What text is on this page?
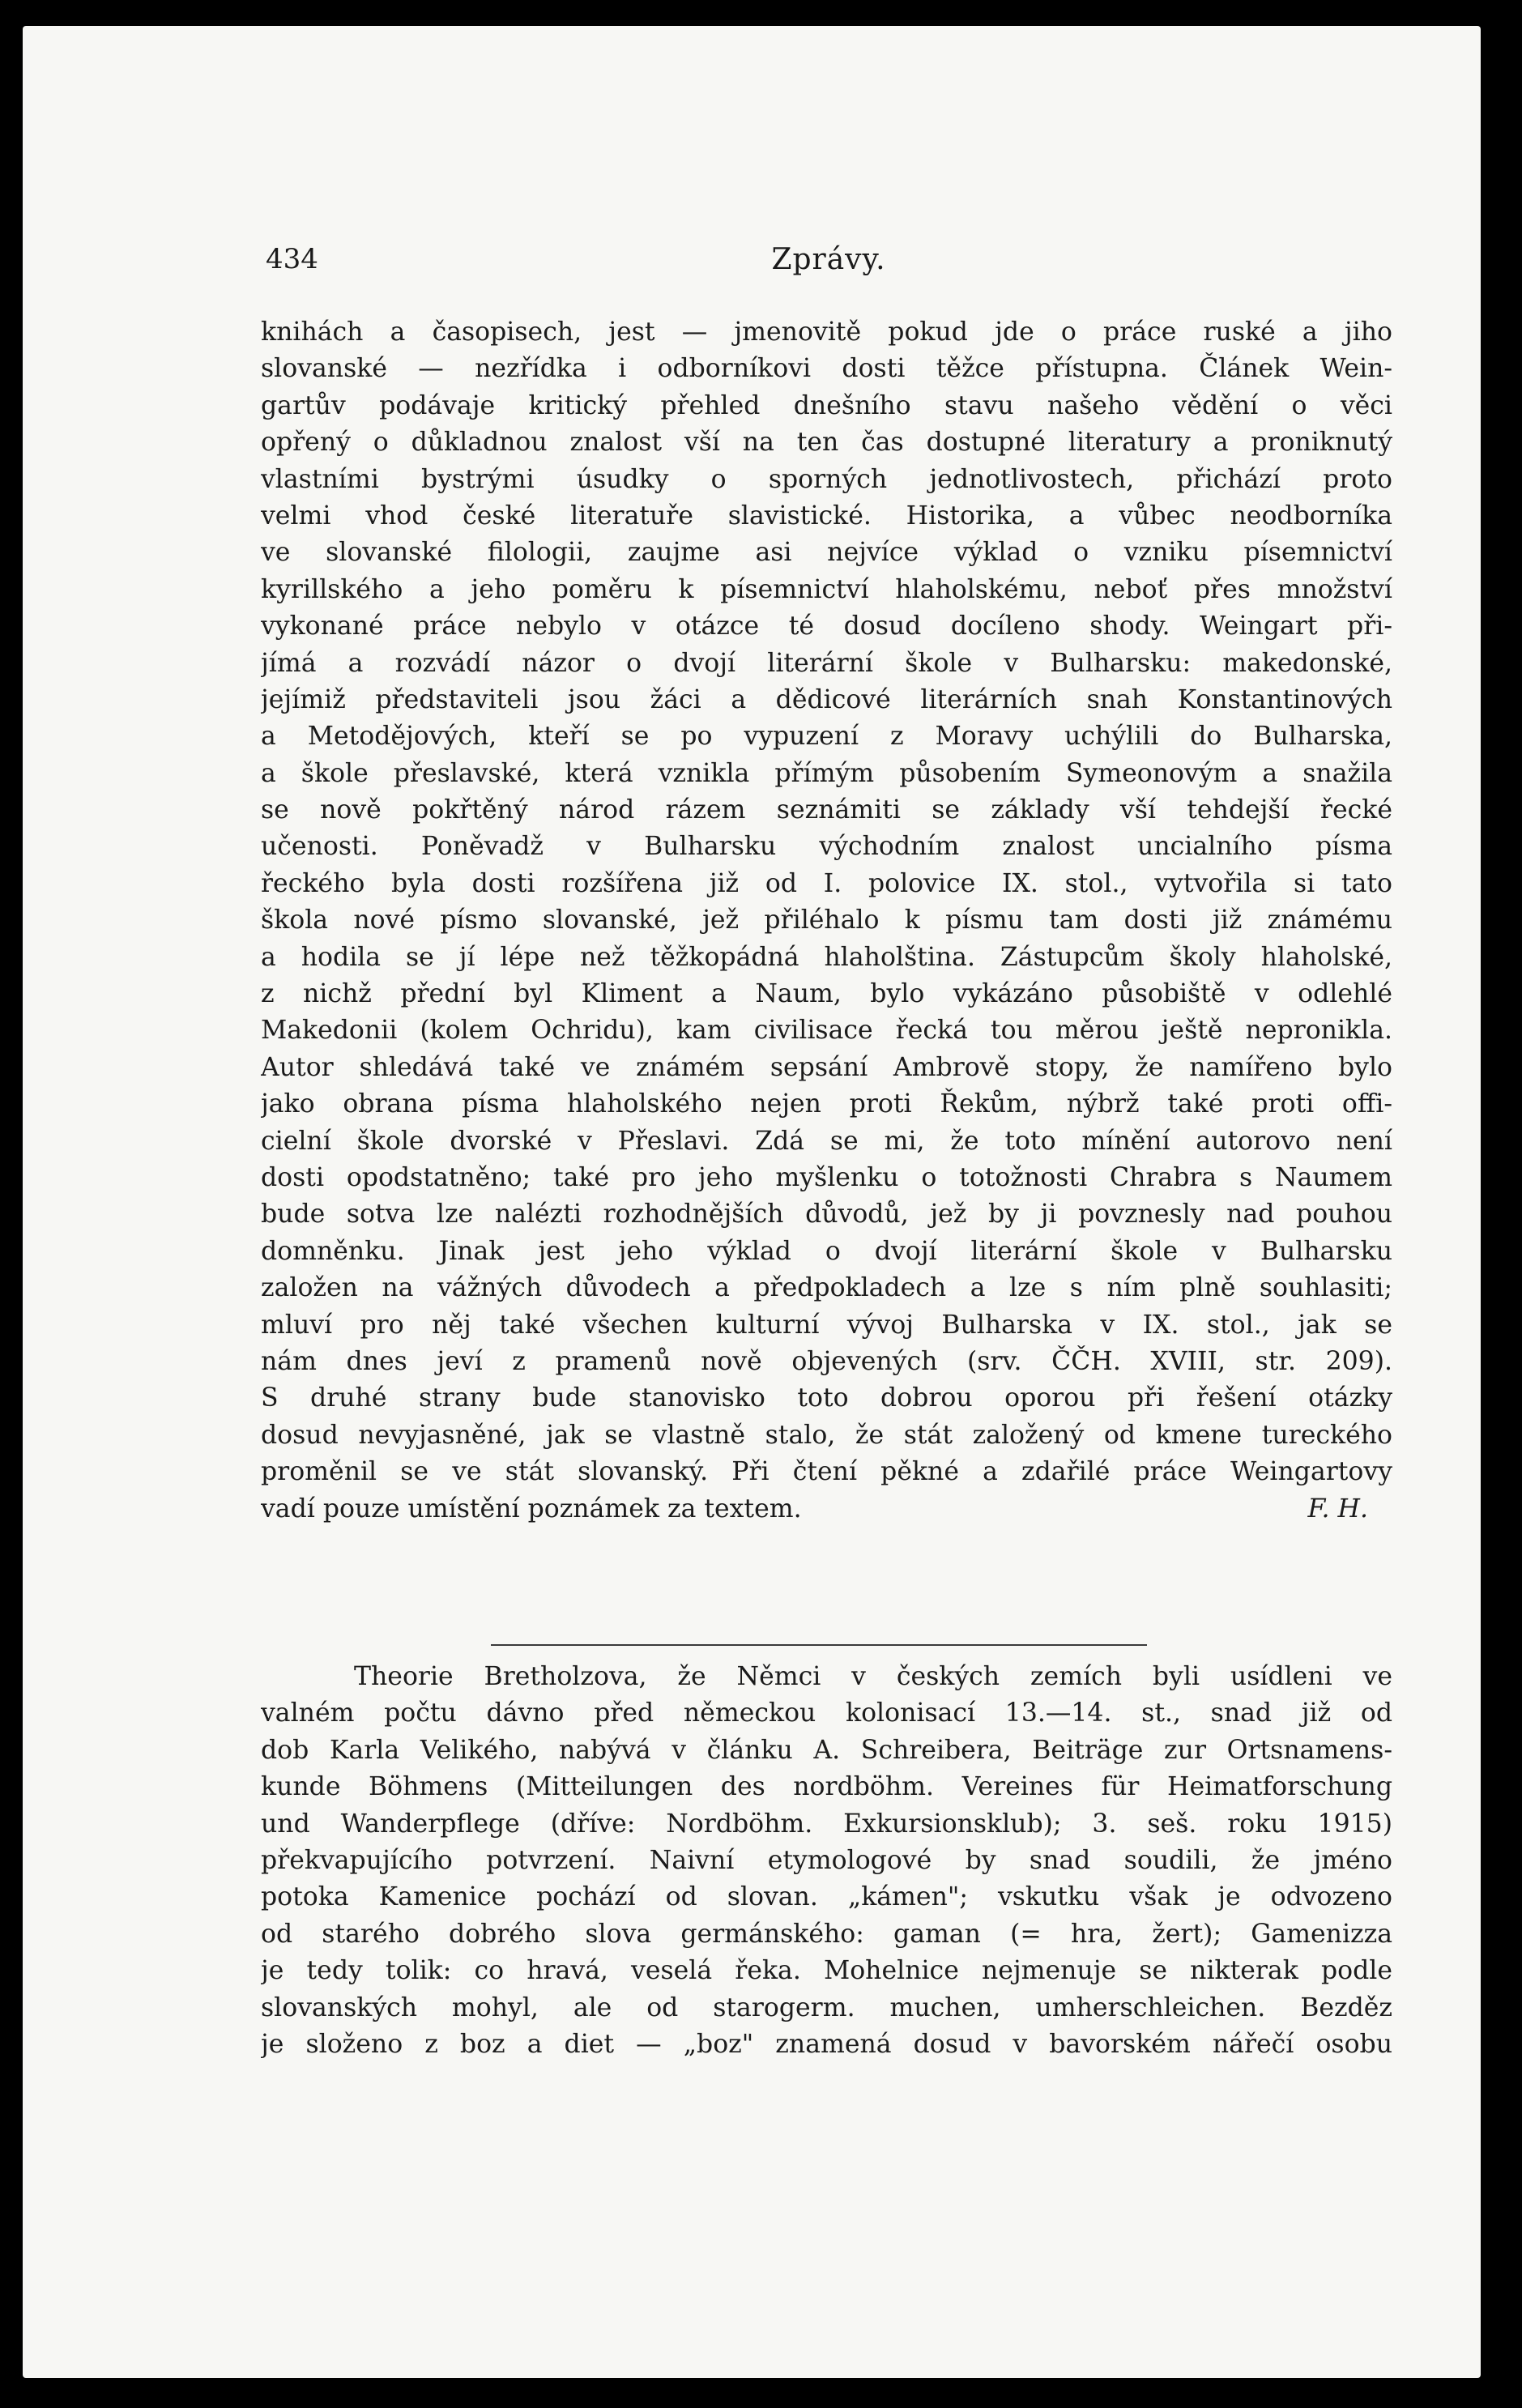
434	Zprávy.
knihách a časopisech, jest — jmenovitě pokud jde o práce ruské a jiho
slovanské — nezřídka i odborníkovi dosti těžce přístupna. Článek Wein-
gartův podávaje kritický přehled dnešního stavu našeho vědění o věci
opřený o důkladnou znalost vší na ten čas dostupné literatury a proniknutý
vlastními bystrými úsudky o sporných jednotlivostech, přichází proto
velmi vhod české literatuře slavistické. Historika, a vůbec neodborníka
ve slovanské filologii, zaujme asi nejvíce výklad o vzniku písemnictví
kyrillského a jeho poměru k písemnictví hlaholskému, neboť přes množství
vykonané práce nebylo v otázce té dosud docíleno shody. Weingart při-
jímá a rozvádí názor o dvojí literární škole v Bulharsku: makedonské,
jejímiž představiteli jsou žáci a dědicové literárních snah Konstantinových
a Metodějových, kteří se po vypuzení z Moravy uchýlili do Bulharska,
a škole přeslavské, která vznikla přímým působením Symeonovým a snažila
se nově pokřtěný národ rázem seznámiti se základy vší tehdejší řecké
učenosti. Poněvadž v Bulharsku východním znalost uncialního písma
řeckého byla dosti rozšířena již od I. polovice IX. stol., vytvořila si tato
škola nové písmo slovanské, jež přiléhalo k písmu tam dosti již známému
a hodila se jí lépe než těžkopádná hlaholština. Zástupcům školy hlaholské,
z nichž přední byl Kliment a Naum, bylo vykázáno působiště v odlehlé
Makedonii (kolem Ochridu), kam civilisace řecká tou měrou ještě nepronikla.
Autor shledává také ve známém sepsání Ambrově stopy, že namířeno bylo
jako obrana písma hlaholského nejen proti Řekům, nýbrž také proti offi-
cielní škole dvorské v Přeslavi. Zdá se mi, že toto mínění autorovo není
dosti opodstatněno; také pro jeho myšlenku o totožnosti Chrabra s Naumem
bude sotva lze nalézti rozhodnějších důvodů, jež by ji povznesly nad pouhou
domněnku. Jinak jest jeho výklad o dvojí literární škole v Bulharsku
založen na vážných důvodech a předpokladech a lze s ním plně souhlasiti;
mluví pro něj také všechen kulturní vývoj Bulharska v IX. stol., jak se
nám dnes jeví z pramenů nově objevených (srv. ČČH. XVIII, str. 209).
S druhé strany bude stanovisko toto dobrou oporou při řešení otázky
dosud nevyjasněné, jak se vlastně stalo, že stát založený od kmene tureckého
proměnil se ve stát slovanský. Při čtení pěkné a zdařilé práce Weingartovy
vadí pouze umístění poznámek za textem.	F. H.
Theorie Bretholzova, že Němci v českých zemích byli usídleni ve
valném počtu dávno před německou kolonisací 13.—14. st., snad již od
dob Karla Velikého, nabývá v článku A. Schreibera, Beiträge zur Ortsnamens-
kunde Böhmens (Mitteilungen des nordböhm. Vereines für Heimatforschung
und Wanderpflege (dříve: Nordböhm. Exkursionsklub); 3. seš. roku 1915)
překvapujícího potvrzení. Naivní etymologové by snad soudili, že jméno
potoka Kamenice pochází od slovan. „kámen"; vskutku však je odvozeno
od starého dobrého slova germánského: gaman (= hra, žert); Gamenizza
je tedy tolik: co hravá, veselá řeka. Mohelnice nejmenuje se nikterak podle
slovanských mohyl, ale od starogerm. muchen, umherschleichen. Bezděz
je složeno z boz a diet — „boz" znamená dosud v bavorském nářečí osobu
